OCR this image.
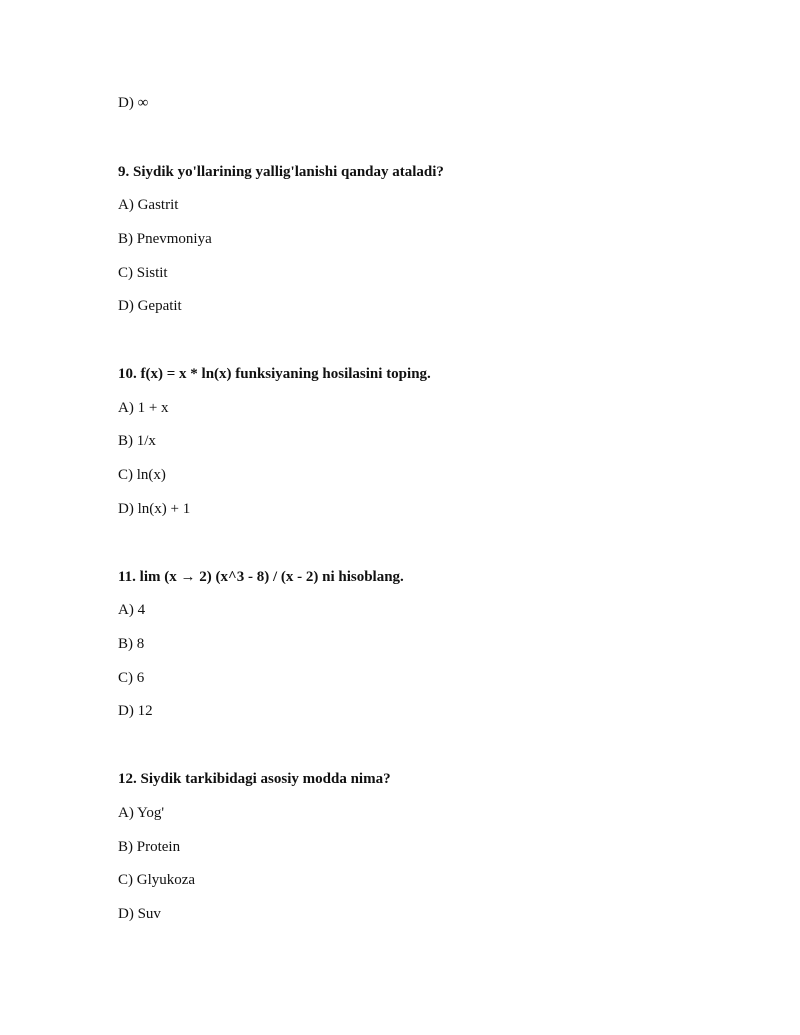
D) ∞
9. Siydik yo'llarining yallig'lanishi qanday ataladi?
A) Gastrit
B) Pnevmoniya
C) Sistit
D) Gepatit
10. f(x) = x * ln(x) funksiyaning hosilasini toping.
A) 1 + x
B) 1/x
C) ln(x)
D) ln(x) + 1
11. lim (x → 2) (x^3 - 8) / (x - 2) ni hisoblang.
A) 4
B) 8
C) 6
D) 12
12. Siydik tarkibidagi asosiy modda nima?
A) Yog'
B) Protein
C) Glyukoza
D) Suv
